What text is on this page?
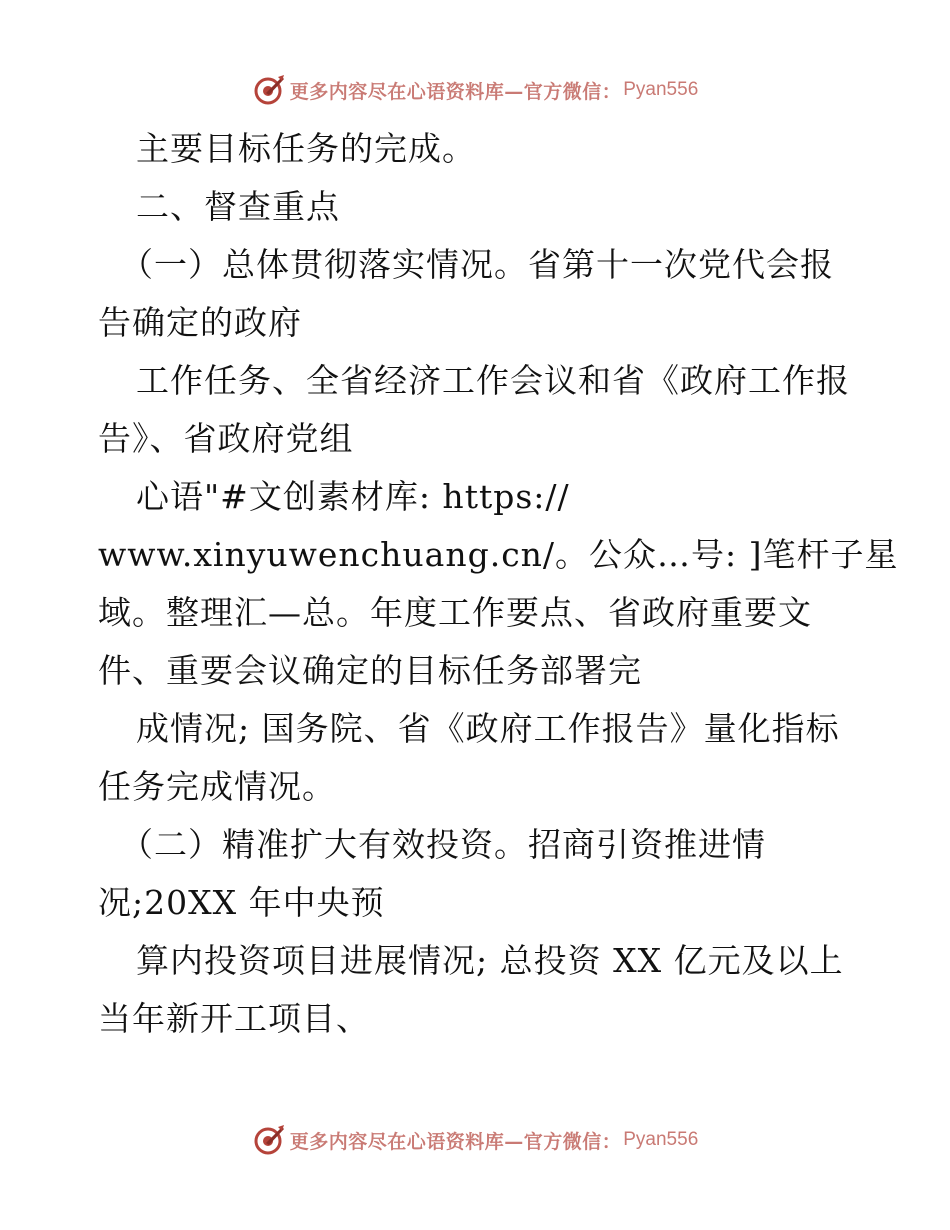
更多内容尽在心语资料库—官方微信： Pyan556
主要目标任务的完成。
二、督查重点
（一）总体贯彻落实情况。省第十一次党代会报
告确定的政府
工作任务、全省经济工作会议和省《政府工作报
告》、省政府党组
心语"#文创素材库: https://
www.xinyuwenchuang.cn/。公众…号: ]笔杆子星
域。整理汇—总。年度工作要点、省政府重要文
件、重要会议确定的目标任务部署完
成情况; 国务院、省《政府工作报告》量化指标
任务完成情况。
（二）精准扩大有效投资。招商引资推进情
况;20XX 年中央预
算内投资项目进展情况; 总投资 XX 亿元及以上
当年新开工项目、
更多内容尽在心语资料库—官方微信： Pyan556
